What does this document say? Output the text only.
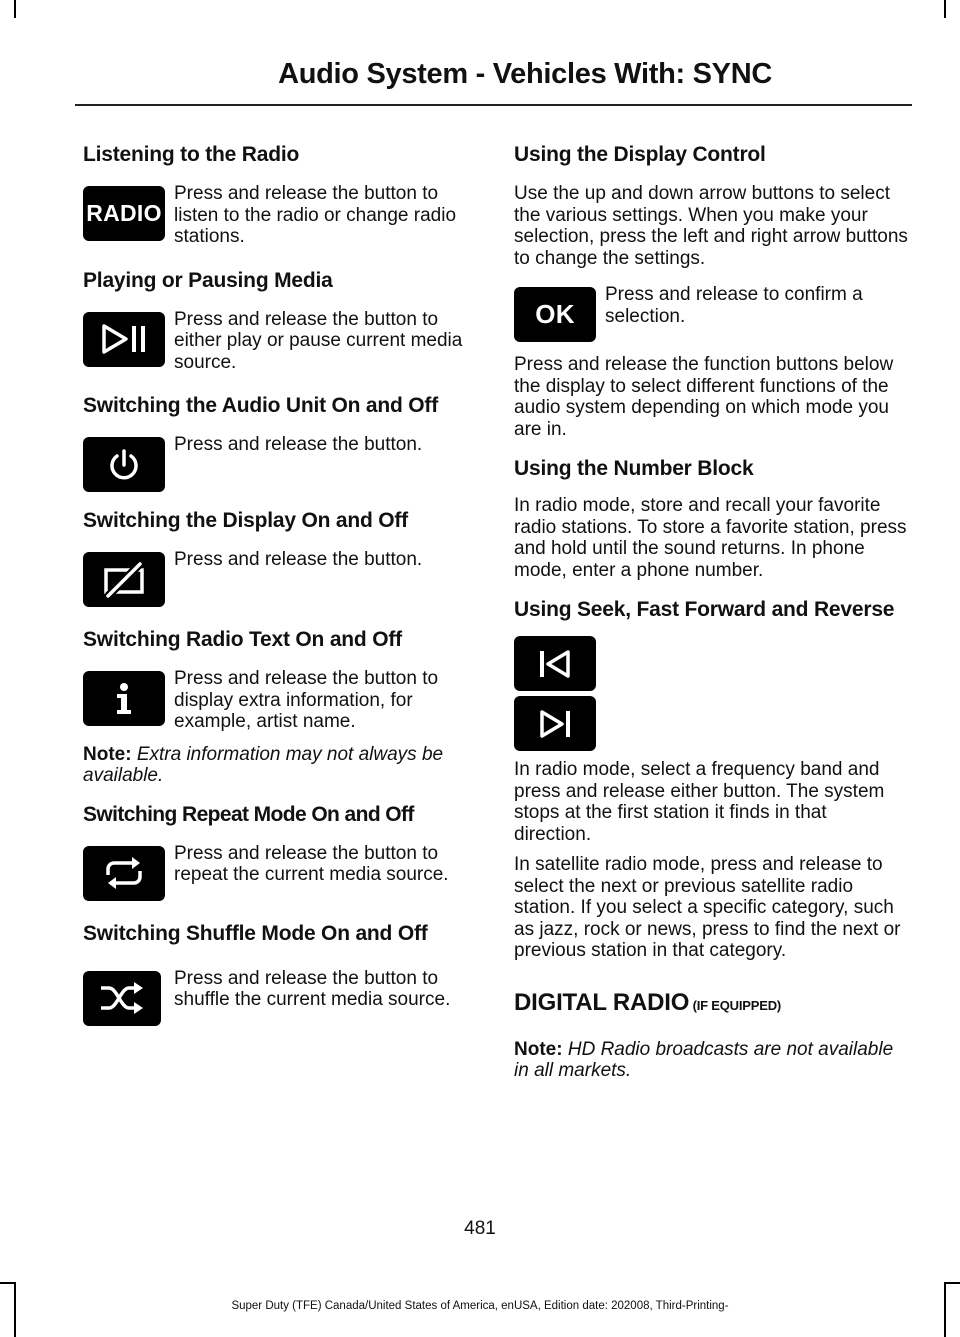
Audio System - Vehicles With: SYNC
Listening to the Radio
RADIO

Press and release the button to listen to the radio or change radio stations.

Playing or Pausing Media

Press and release the button to either play or pause current media source.

Switching the Audio Unit On and Off

Press and release the button.

Switching the Display On and Off

Press and release the button.

Switching Radio Text On and Off

Press and release the button to display extra information, for example, artist name.

Note: Extra information may not always be available.

Switching Repeat Mode On and Off

Press and release the button to repeat the current media source.

Switching Shuffle Mode On and Off

Press and release the button to shuffle the current media source.

Using the Display Control

Use the up and down arrow buttons to select the various settings. When you make your selection, press the left and right arrow buttons to change the settings.

OK

Press and release to confirm a selection.

Press and release the function buttons below the display to select different functions of the audio system depending on which mode you are in.

Using the Number Block

In radio mode, store and recall your favorite radio stations. To store a favorite station, press and hold until the sound returns. In phone mode, enter a phone number.

Using Seek, Fast Forward and Reverse

In radio mode, select a frequency band and press and release either button. The system stops at the first station it finds in that direction.

In satellite radio mode, press and release to select the next or previous satellite radio station. If you select a specific category, such as jazz, rock or news, press to find the next or previous station in that category.

DIGITAL RADIO (IF EQUIPPED)

Note: HD Radio broadcasts are not available in all markets.

481
Super Duty (TFE) Canada/United States of America, enUSA, Edition date: 202008, Third-Printing-
